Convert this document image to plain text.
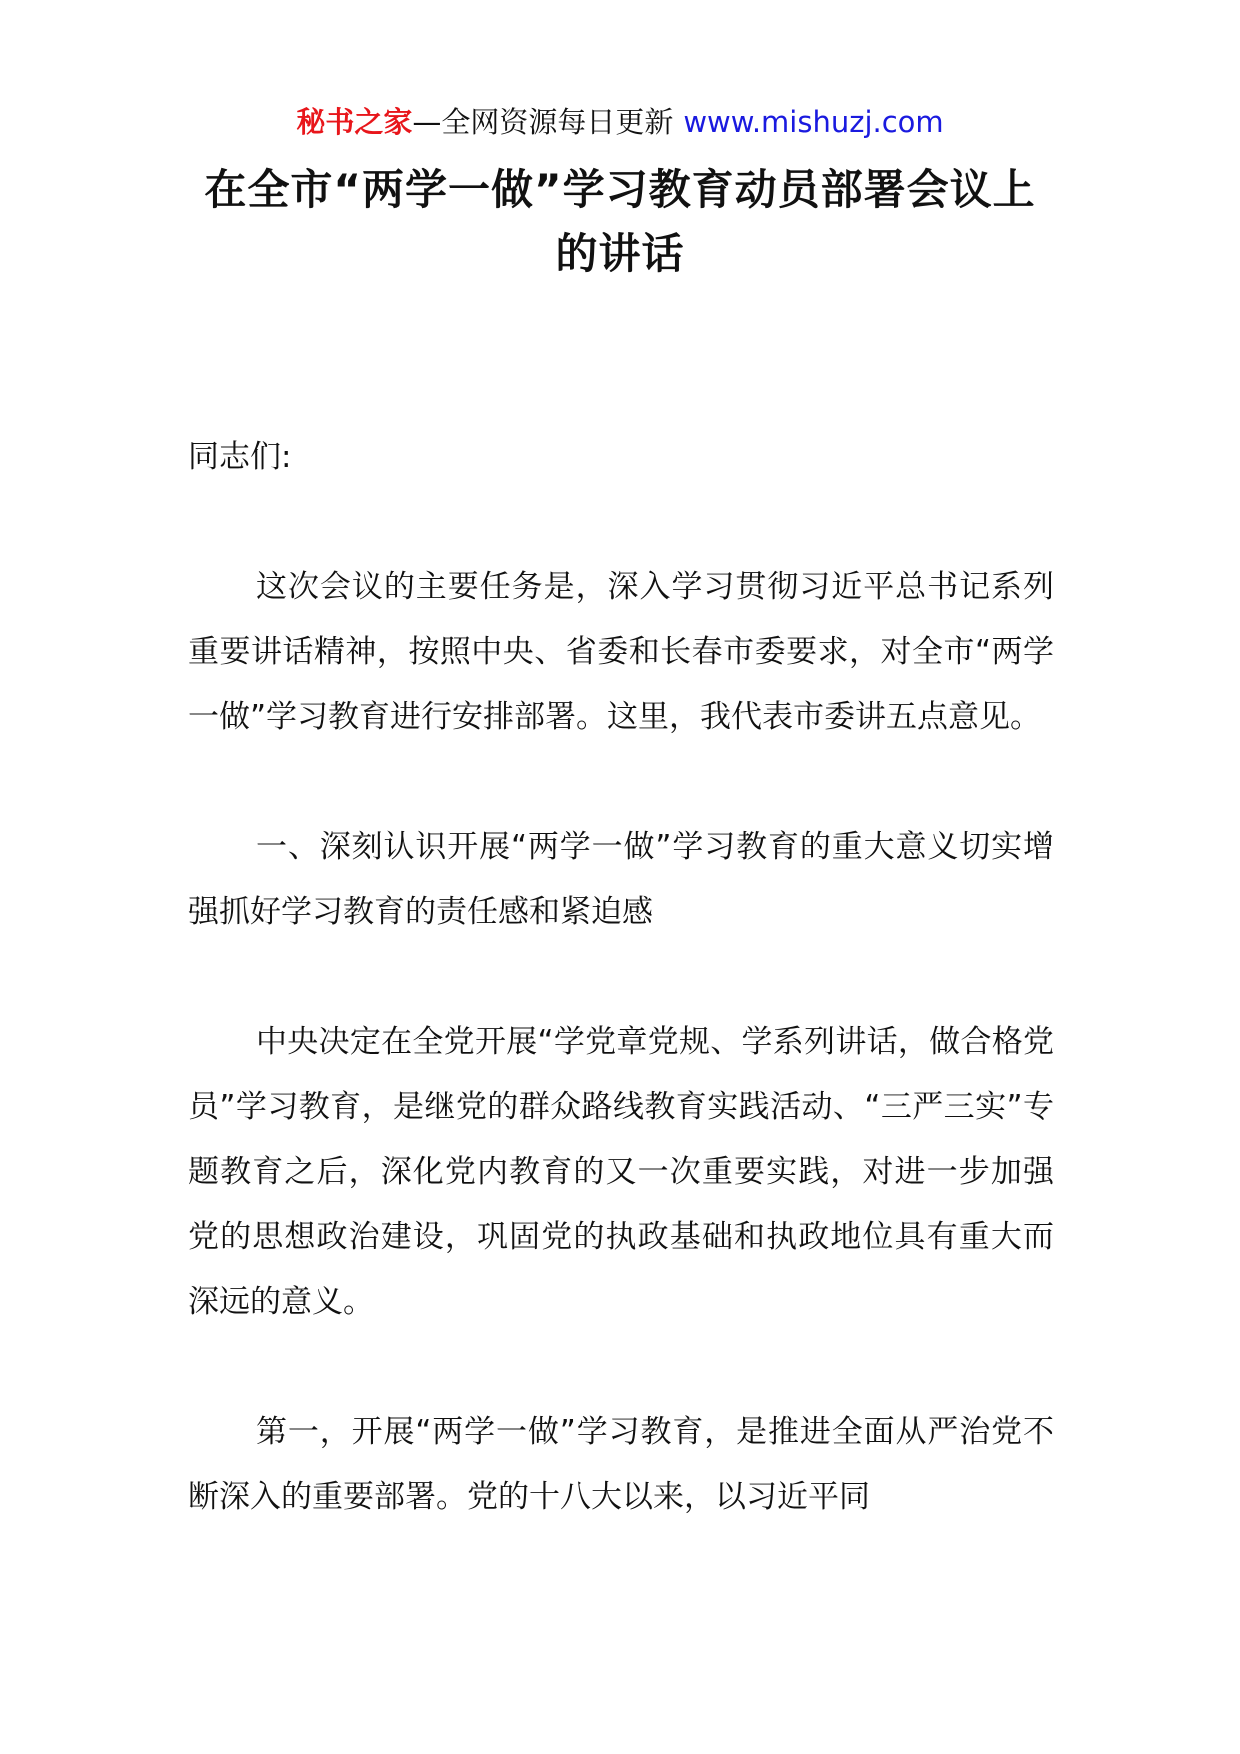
秘书之家—全网资源每日更新 www.mishuzj.com
在全市“两学一做”学习教育动员部署会议上的讲话

同志们:

这次会议的主要任务是，深入学习贯彻习近平总书记系列重要讲话精神，按照中央、省委和长春市委要求，对全市“两学一做”学习教育进行安排部署。这里，我代表市委讲五点意见。

一、深刻认识开展“两学一做”学习教育的重大意义切实增强抓好学习教育的责任感和紧迫感

中央决定在全党开展“学党章党规、学系列讲话，做合格党员”学习教育，是继党的群众路线教育实践活动、“三严三实”专题教育之后，深化党内教育的又一次重要实践，对进一步加强党的思想政治建设，巩固党的执政基础和执政地位具有重大而深远的意义。

第一，开展“两学一做”学习教育，是推进全面从严治党不断深入的重要部署。党的十八大以来，以习近平同
